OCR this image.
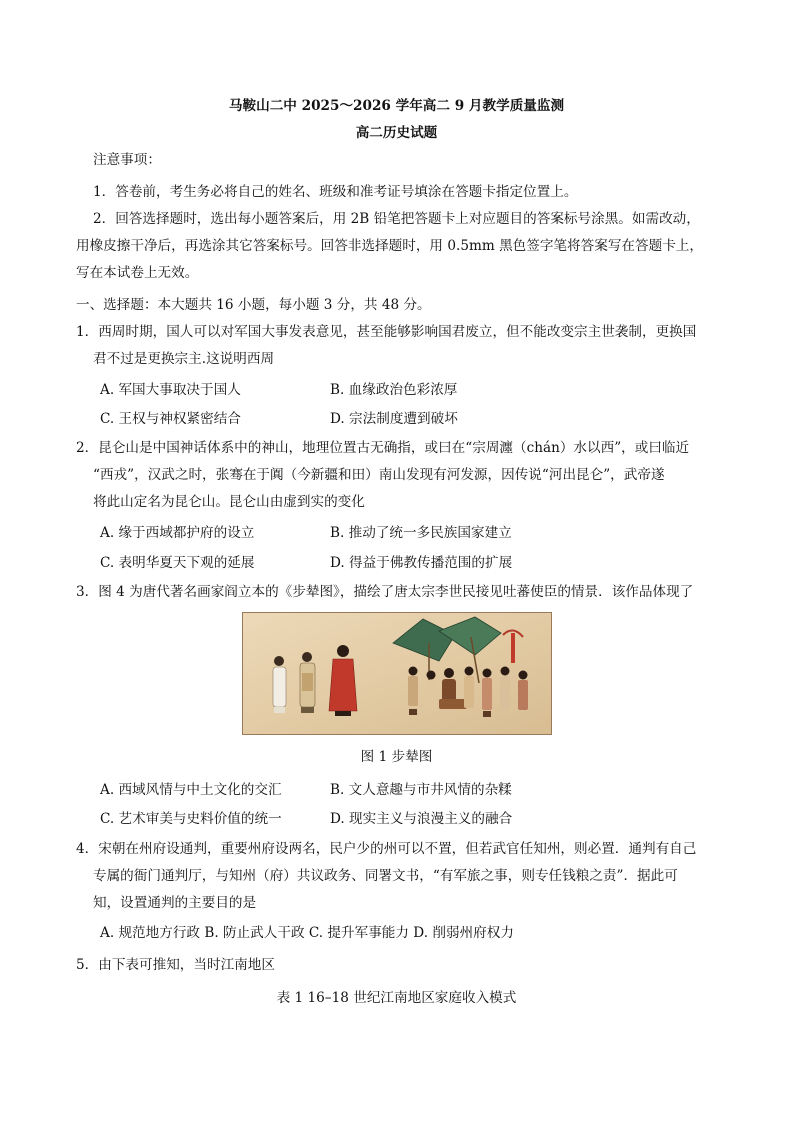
马鞍山二中 2025～2026 学年高二 9 月教学质量监测
高二历史试题
注意事项：
1．答卷前，考生务必将自己的姓名、班级和准考证号填涂在答题卡指定位置上。
2．回答选择题时，选出每小题答案后，用 2B 铅笔把答题卡上对应题目的答案标号涂黑。如需改动，
用橡皮擦干净后，再选涂其它答案标号。回答非选择题时，用 0.5mm 黑色签字笔将答案写在答题卡上，
写在本试卷上无效。
一、选择题：本大题共 16 小题，每小题 3 分，共 48 分。
1．西周时期，国人可以对军国大事发表意见，甚至能够影响国君废立，但不能改变宗主世袭制，更换国
君不过是更换宗主.这说明西周
A. 军国大事取决于国人	B. 血缘政治色彩浓厚
C. 王权与神权紧密结合	D. 宗法制度遭到破坏
2．昆仑山是中国神话体系中的神山，地理位置古无确指，或曰在“宗周瀍（chán）水以西”，或曰临近
“西戎”，汉武之时，张骞在于阗（今新疆和田）南山发现有河发源，因传说“河出昆仑”，武帝遂
将此山定名为昆仑山。昆仑山由虚到实的变化
A. 缘于西域都护府的设立	B. 推动了统一多民族国家建立
C. 表明华夏天下观的延展	D. 得益于佛教传播范围的扩展
3．图 4 为唐代著名画家阎立本的《步辇图》，描绘了唐太宗李世民接见吐蕃使臣的情景．该作品体现了
图 1 步辇图
A. 西域风情与中土文化的交汇	B. 文人意趣与市井风情的杂糅
C. 艺术审美与史料价值的统一	D. 现实主义与浪漫主义的融合
4．宋朝在州府设通判，重要州府设两名，民户少的州可以不置，但若武官任知州，则必置．通判有自己
专属的衙门通判厅，与知州（府）共议政务、同署文书，“有军旅之事，则专任钱粮之责”．据此可
知，设置通判的主要目的是
A. 规范地方行政 B. 防止武人干政 C. 提升军事能力 D. 削弱州府权力
5．由下表可推知，当时江南地区
表 1 16–18 世纪江南地区家庭收入模式
